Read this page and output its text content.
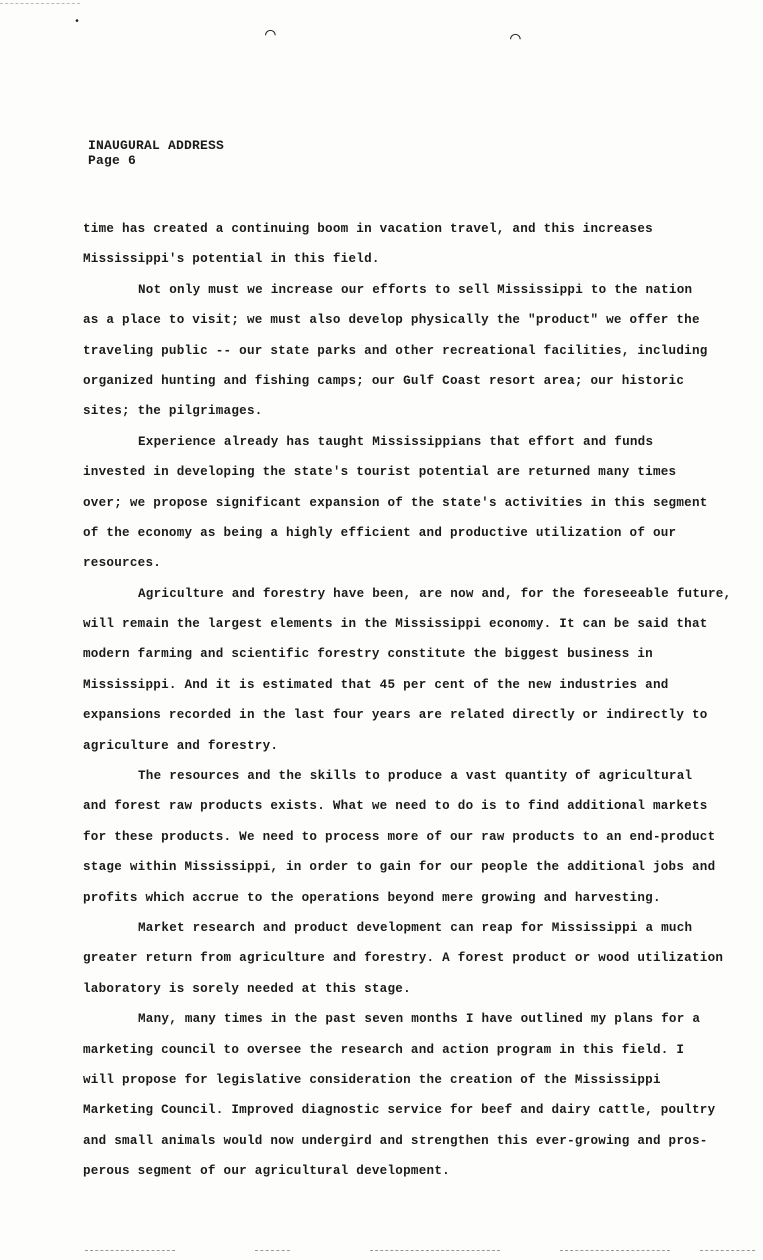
•
⌒	⌒
INAUGURAL ADDRESS
Page 6
time has created a continuing boom in vacation travel, and this increases
Mississippi's potential in this field.
Not only must we increase our efforts to sell Mississippi to the nation
as a place to visit; we must also develop physically the "product" we offer the
traveling public -- our state parks and other recreational facilities, including
organized hunting and fishing camps; our Gulf Coast resort area; our historic
sites; the pilgrimages.
Experience already has taught Mississippians that effort and funds
invested in developing the state's tourist potential are returned many times
over; we propose significant expansion of the state's activities in this segment
of the economy as being a highly efficient and productive utilization of our
resources.
Agriculture and forestry have been, are now and, for the foreseeable future,
will remain the largest elements in the Mississippi economy. It can be said that
modern farming and scientific forestry constitute the biggest business in
Mississippi. And it is estimated that 45 per cent of the new industries and
expansions recorded in the last four years are related directly or indirectly to
agriculture and forestry.
The resources and the skills to produce a vast quantity of agricultural
and forest raw products exists. What we need to do is to find additional markets
for these products. We need to process more of our raw products to an end-product
stage within Mississippi, in order to gain for our people the additional jobs and
profits which accrue to the operations beyond mere growing and harvesting.
Market research and product development can reap for Mississippi a much
greater return from agriculture and forestry. A forest product or wood utilization
laboratory is sorely needed at this stage.
Many, many times in the past seven months I have outlined my plans for a
marketing council to oversee the research and action program in this field. I
will propose for legislative consideration the creation of the Mississippi
Marketing Council. Improved diagnostic service for beef and dairy cattle, poultry
and small animals would now undergird and strengthen this ever-growing and pros-
perous segment of our agricultural development.
